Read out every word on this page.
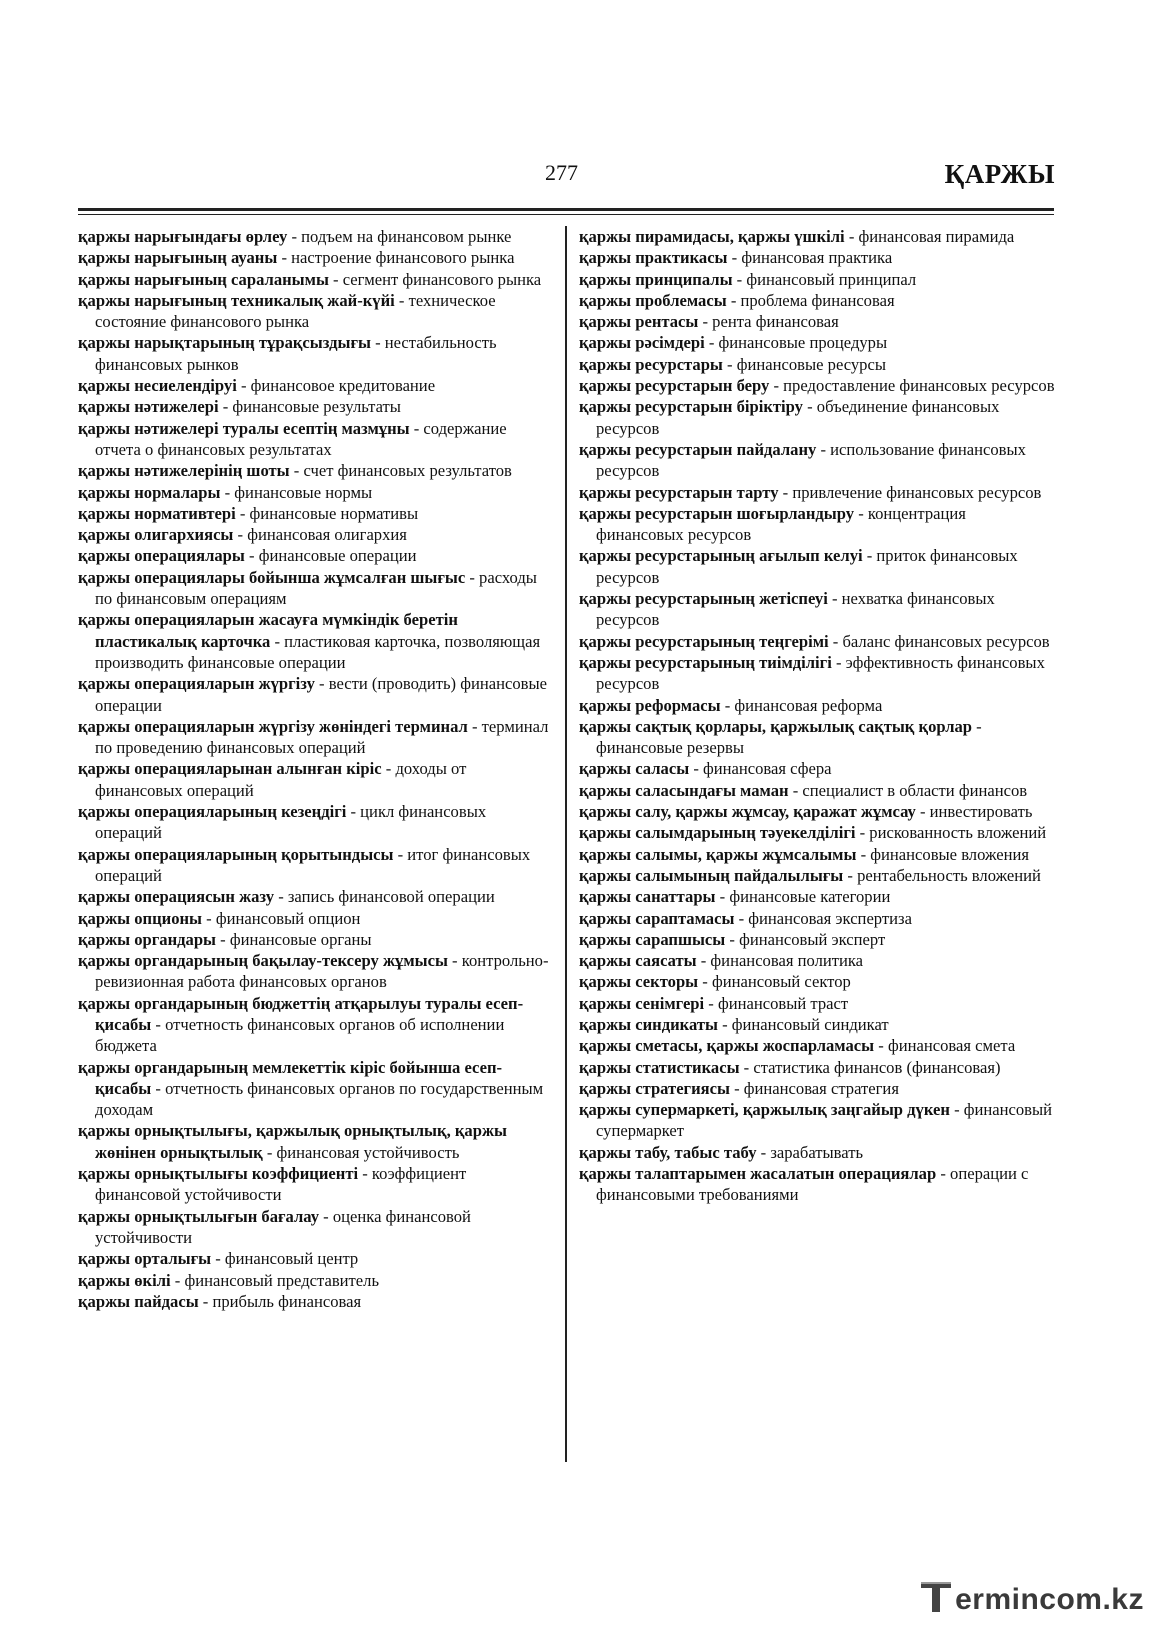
277	ҚАРЖЫ
қаржы нарығындағы өрлеу - подъем на финансовом рынке
қаржы нарығының ауаны - настроение финансового рынка
қаржы нарығының сараланымы - сегмент финансового рынка
қаржы нарығының техникалық жай-күйі - техническое состояние финансового рынка
қаржы нарықтарының тұрақсыздығы - нестабильность финансовых рынков
қаржы несиелендіруі - финансовое кредитование
қаржы нәтижелері - финансовые результаты
қаржы нәтижелері туралы есептің мазмұны - содержание отчета о финансовых результатах
қаржы нәтижелерінің шоты - счет финансовых результатов
қаржы нормалары - финансовые нормы
қаржы нормативтері - финансовые нормативы
қаржы олигархиясы - финансовая олигархия
қаржы операциялары - финансовые операции
қаржы операциялары бойынша жұмсалған шығыс - расходы по финансовым операциям
қаржы операцияларын жасауға мүмкіндік беретін пластикалық карточка - пластиковая карточка, позволяющая производить финансовые операции
қаржы операцияларын жүргізу - вести (проводить) финансовые операции
қаржы операцияларын жүргізу жөніндегі терминал - терминал по проведению финансовых операций
қаржы операцияларынан алынған кіріс - доходы от финансовых операций
қаржы операцияларының кезеңдігі - цикл финансовых операций
қаржы операцияларының қорытындысы - итог финансовых операций
қаржы операциясын жазу - запись финансовой операции
қаржы опционы - финансовый опцион
қаржы органдары - финансовые органы
қаржы органдарының бақылау-тексеру жұмысы - контрольно-ревизионная работа финансовых органов
қаржы органдарының бюджеттің атқарылуы туралы есеп-қисабы - отчетность финансовых органов об исполнении бюджета
қаржы органдарының мемлекеттік кіріс бойынша есеп-қисабы - отчетность финансовых органов по государственным доходам
қаржы орнықтылығы, қаржылық орнықтылық, қаржы жөнінен орнықтылық - финансовая устойчивость
қаржы орнықтылығы коэффициенті - коэффициент финансовой устойчивости
қаржы орнықтылығын бағалау - оценка финансовой устойчивости
қаржы орталығы - финансовый центр
қаржы өкілі - финансовый представитель
қаржы пайдасы - прибыль финансовая
қаржы пирамидасы, қаржы үшкілі - финансовая пирамида
қаржы практикасы - финансовая практика
қаржы принципалы - финансовый принципал
қаржы проблемасы - проблема финансовая
қаржы рентасы - рента финансовая
қаржы рәсімдері - финансовые процедуры
қаржы ресурстары - финансовые ресурсы
қаржы ресурстарын беру - предоставление финансовых ресурсов
қаржы ресурстарын біріктіру - объединение финансовых ресурсов
қаржы ресурстарын пайдалану - использование финансовых ресурсов
қаржы ресурстарын тарту - привлечение финансовых ресурсов
қаржы ресурстарын шоғырландыру - концентрация финансовых ресурсов
қаржы ресурстарының ағылып келуі - приток финансовых ресурсов
қаржы ресурстарының жетіспеуі - нехватка финансовых ресурсов
қаржы ресурстарының теңгерімі - баланс финансовых ресурсов
қаржы ресурстарының тиімділігі - эффективность финансовых ресурсов
қаржы реформасы - финансовая реформа
қаржы сақтық қорлары, қаржылық сақтық қорлар - финансовые резервы
қаржы саласы - финансовая сфера
қаржы саласындағы маман - специалист в области финансов
қаржы салу, қаржы жұмсау, қаражат жұмсау - инвестировать
қаржы салымдарының тәуекелділігі - рискованность вложений
қаржы салымы, қаржы жұмсалымы - финансовые вложения
қаржы салымының пайдалылығы - рентабельность вложений
қаржы санаттары - финансовые категории
қаржы сараптамасы - финансовая экспертиза
қаржы сарапшысы - финансовый эксперт
қаржы саясаты - финансовая политика
қаржы секторы - финансовый сектор
қаржы сенімгері - финансовый траст
қаржы синдикаты - финансовый синдикат
қаржы сметасы, қаржы жоспарламасы - финансовая смета
қаржы статистикасы - статистика финансов (финансовая)
қаржы стратегиясы - финансовая стратегия
қаржы супермаркеті, қаржылық заңгайыр дүкен - финансовый супермаркет
қаржы табу, табыс табу - зарабатывать
қаржы талаптарымен жасалатын операциялар - операции с финансовыми требованиями
ermincom.kz
